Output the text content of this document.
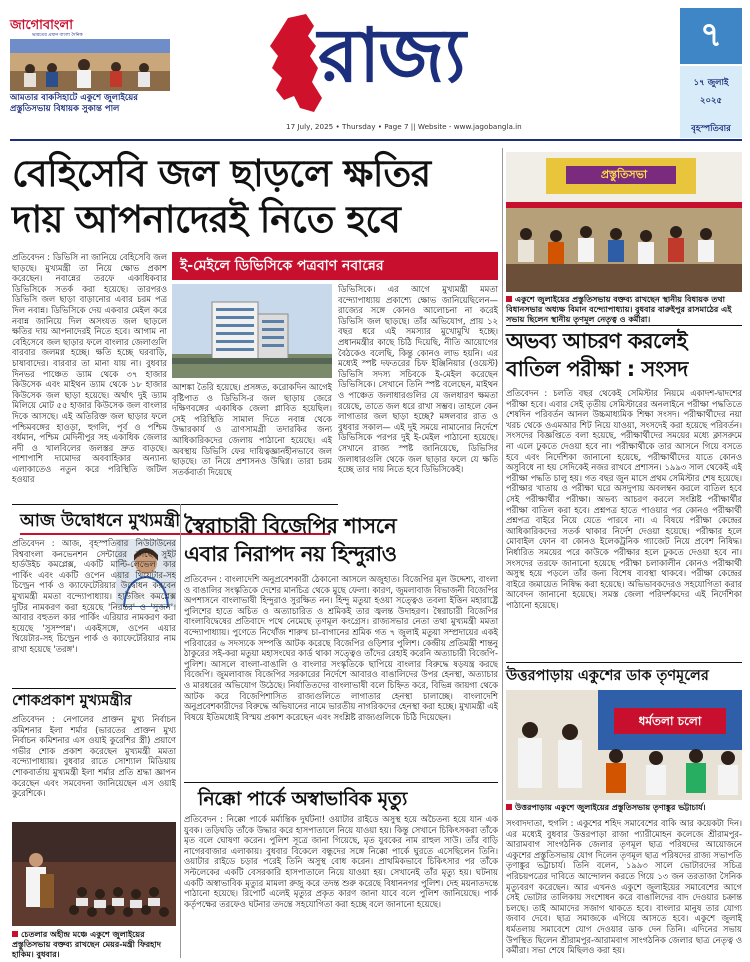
জাগোবাংলা
ভারতের প্রধান বাংলা দৈনিক
আমতার বাকসিহাটে একুশে জুলাইয়ের প্রস্তুতিসভায় বিধায়ক সুকান্ত পাল
রাজ্য
17 July, 2025 • Thursday • Page 7 || Website - www.jagobangla.in
৭
১৭ জুলাই
২০২৫
বৃহস্পতিবার
বেহিসেবি জল ছাড়লে ক্ষতির
দায় আপনাদেরই নিতে হবে
ই-মেইলে ডিভিসিকে পত্রবাণ নবান্নের
প্রতিবেদন : ডিভিসি না জানিয়ে বেহিসেবি জল ছাড়ছে। মুখ্যমন্ত্রী তা নিয়ে ক্ষোভ প্রকাশ করেছেন। নবান্নের তরফে একাধিকবার ডিভিসিকে সতর্ক করা হয়েছে। তারপরও ডিভিসি জল ছাড়া বাড়ানোর এবার চরম পত্র দিল নবান্ন। ডিভিসিকে দেয় একবার মেইল করে নবান্ন জানিয়ে দিল অসংযত জল ছাড়লে ক্ষতির দায় আপনাদেরই নিতে হবে। আগাম না বেহিসেবে জল ছাড়ার ফলে বাংলার জেলাগুলি বারবার জলমগ্ন হচ্ছে। ক্ষতি হচ্ছে ঘরবাড়ি, চাষাবাদের। বারবার তা মানা যায় না। বুধবার দিনভর পাঞ্চেত ড্যাম থেকে ৩৭ হাজার কিউসেক এবং মাইথন ড্যাম থেকে ১৮ হাজার কিউসেক জল ছাড়া হয়েছে। অর্থাৎ দুই ড্যাম মিলিয়ে মোট ৫৫ হাজার কিউসেক জল বাংলার দিকে আসছে। এই অতিরিক্ত জল ছাড়ার ফলে পশ্চিমবঙ্গের হাওড়া, হুগলি, পূর্ব ও পশ্চিম বর্ধমান, পশ্চিম মেদিনীপুর সহ একাধিক জেলার নদী ও খালবিলের জলস্তর দ্রুত বাড়ছে। পাশাপাশি দামোদর অববাহিকার অন্যান্য এলাকাতেও নতুন করে পরিস্থিতি জটিল হওয়ার
আশঙ্কা তৈরি হয়েছে। প্রসঙ্গত, করোকদিন আগেই বৃষ্টিপাত ও ডিভিসি-র জল ছাড়ায় জেরে দক্ষিণবঙ্গের একাধিক জেলা প্লাবিত হয়েছিল। সেই পরিস্থিতি সামাল দিতে নবান্ন থেকে উদ্ধারকার্য ও ত্রাণসামগ্রী তদারকির জন্য আধিকারিকদের জেলায় পাঠানো হয়েছে। এই অবস্থায় ডিভিসি ফের দায়িত্বজ্ঞানহীনভাবে জল ছাড়ছে। তা নিয়ে প্রশাসনও উদ্বিগ্ন। তারা চরম সতর্কবার্তা দিয়েছে
ডিভিসিকে। এর আগে মুখ্যমন্ত্রী মমতা বন্দ্যোপাধ্যায় প্রকাশ্যে ক্ষোভ জানিয়েছিলেন— রাজ্যের সঙ্গে কোনও আলোচনা না করেই ডিভিসি জল ছাড়ছে। তাঁর অভিযোগ, প্রায় ১২ বছর ধরে এই সমস্যার মুখোমুখি হচ্ছে। প্রধানমন্ত্রীর কাছে চিঠি দিয়েছি, নীতি আয়োগের বৈঠকেও বলেছি, কিন্তু কোনও লাভ হয়নি। এর মধ্যেই স্পষ্ট দফতরের চিফ ইঞ্জিনিয়ার (ওয়েস্ট) ডিভিসি সদস্য সচিবকে ই-মেইল করেছেন ডিভিসিকে। সেখানে তিনি স্পষ্ট বলেছেন, মাইথন ও পাঞ্চেত জলাধারগুলির যে জলধারণ ক্ষমতা রয়েছে, তাতে জল ধরে রাখা সম্ভব। তাহলে কেন লাগাতার জল ছাড়া হচ্ছে? মঙ্গলবার রাত ও বুধবার সকাল— এই দুই সময়ে নামানোর নির্দেশে ডিভিসিকে পরপর দুই ই-মেইল পাঠানো হয়েছে। সেখানে রাজ্য স্পষ্ট জানিয়েছে, ডিভিসির জলাধারগুলি থেকে জল ছাড়ার ফলে যে ক্ষতি হচ্ছে তার দায় নিতে হবে ডিভিসিকেই।
প্রস্তুতিসভা
একুশে জুলাইয়ের প্রস্তুতিসভায় বক্তব্য রাখছেন স্থানীয় বিধায়ক তথা বিধানসভার অধ্যক্ষ বিমান বন্দ্যোপাধ্যায়। বুধবার বারুইপুর রাসমাঠের এই সভায় ছিলেন স্থানীয় তৃণমূল নেতৃত্ব ও কর্মীরা।
অভব্য আচরণ করলেই
বাতিল পরীক্ষা : সংসদ
প্রতিবেদন : চলতি বছর থেকেই সেমিস্টার নিয়মে একাদশ-দ্বাদশের পরীক্ষা হবে। এবার সেই তৃতীয় সেমিস্টারের অনলাইনে পরীক্ষা পদ্ধতিতে শেষদিন পরিবর্তন আনল উচ্চমাধ্যমিক শিক্ষা সংসদ। পরীক্ষার্থীদের নয়া খরচ থেকে ওএমআর শিট নিয়ে যাওয়া, সংসদেই করা হয়েছে পরিবর্তন। সংসদের বিজ্ঞপ্তিতে বলা হয়েছে, পরীক্ষার্থীদের সময়ের মধ্যে ক্লাসরুমে না এলে ঢুকতে দেওয়া হবে না। পরীক্ষার্থীকে তার আসনে গিয়ে বসতে হবে এবং নির্দেশিকা জানানো হয়েছে, পরীক্ষার্থীদের যাতে কোনও অসুবিধে না হয় সেদিকেই নজর রাখবে প্রশাসন। ১৯৯৩ সাল থেকেই এই পরীক্ষা পদ্ধতি চালু হয়। গত বছর জুন মাসে প্রথম সেমিস্টার শেষ হয়েছে। পরীক্ষার খাতায় ও পরীক্ষা ঘরে অসদুপায় অবলম্বন করলে বাতিল হবে সেই পরীক্ষার্থীর পরীক্ষা। অভব্য আচরণ করলে সংশ্লিষ্ট পরীক্ষার্থীর পরীক্ষা বাতিল করা হবে। প্রশ্নপত্র হাতে পাওয়ার পর কোনও পরীক্ষার্থী প্রশ্নপত্র বাইরে নিয়ে যেতে পারবে না। এ বিষয়ে পরীক্ষা কেন্দ্রের আধিকারিকদের সতর্ক থাকার নির্দেশ দেওয়া হয়েছে। পরীক্ষার হলে মোবাইল ফোন বা কোনও ইলেকট্রনিক গ্যাজেট নিয়ে প্রবেশ নিষিদ্ধ। নির্ধারিত সময়ের পরে কাউকে পরীক্ষার হলে ঢুকতে দেওয়া হবে না। সংসদের তরফে জানানো হয়েছে পরীক্ষা চলাকালীন কোনও পরীক্ষার্থী অসুস্থ হয়ে পড়লে তাঁর জন্য বিশেষ ব্যবস্থা থাকবে। পরীক্ষা কেন্দ্রের বাইরে জমায়েত নিষিদ্ধ করা হয়েছে। অভিভাবকদেরও সহযোগিতা করার আবেদন জানানো হয়েছে। সমস্ত জেলা পরিদর্শকদের এই নির্দেশিকা পাঠানো হয়েছে।
আজ উদ্বোধনে মুখ্যমন্ত্রী
প্রতিবেদন : আজ, বৃহস্পতিবার নিউটাউনের বিশ্ববাংলা কনভেনশন সেন্টারের কাছে সুইট হার্ডউইচ কমপ্লেক্স, একটি মাল্টি-লেভেল কার পার্কিং এবং একটি ওপেন এয়ার থিয়েটার-সহ চিল্ড্রেন পার্ক ও ক্যাফেটেরিয়ার উদ্বোধন করবেন মুখ্যমন্ত্রী মমতা বন্দ্যোপাধ্যায়। হাউজিং কমপ্লেক্স দুটির নামকরণ করা হয়েছে 'নিরন্তর' ও 'সুজন'। আবার বহুতল কার পার্কিং এরিয়ার নামকরণ করা হয়েছে 'সুসম্পন্ন'। একইসঙ্গে, ওপেন এয়ার থিয়েটার-সহ চিল্ড্রেন পার্ক ও ক্যাফেটেরিয়ার নাম রাখা হয়েছে 'তরঙ্গ'।
শোকপ্রকাশ মুখ্যমন্ত্রীর
প্রতিবেদন : নেপালের প্রাক্তন মুখ্য নির্বাচন কমিশনার ইলা শর্মার (ভারতের প্রাক্তন মুখ্য নির্বাচন কমিশনার এস ওয়াই কুরেশির স্ত্রী) প্রয়াণে গভীর শোক প্রকাশ করেছেন মুখ্যমন্ত্রী মমতা বন্দ্যোপাধ্যায়। বুধবার রাতে সোশ্যাল মিডিয়ায় শোকবার্তায় মুখ্যমন্ত্রী ইলা শর্মার প্রতি শ্রদ্ধা জ্ঞাপন করেছেন এবং সমবেদনা জানিয়েছেন এস ওয়াই কুরেশিকে।
স্বৈরাচারী বিজেপির শাসনে
এবার নিরাপদ নয় হিন্দুরাও
প্রতিবেদন : বাংলাদেশি অনুপ্রবেশকারী ঠেকানো আসলে অজুহাত। বিজেপির মূল উদ্দেশ্য, বাংলা ও বাঙালির সংস্কৃতিকে দেশের মানচিত্র থেকে মুছে ফেলা। কারণ, জুমলাবাজ বিভাজনী বিজেপির অপশাসনে বাংলাভাষী হিন্দুরাও সুরক্ষিত নন। হিন্দু মতুয়া হওয়া সত্ত্বেও তবলা ইত্তিন মহারাষ্ট্রে পুলিশের হাতে অচিত ও অত্যাচারিত ও শ্রমিকই তার জ্বলন্ত উদাহরণ। স্বৈরাচারী বিজেপির বাংলাবিদ্বেষের প্রতিবাদে পথে নেমেছে তৃণমূল কংগ্রেস। রাজ্যসভার নেতা তথা মুখ্যমন্ত্রী মমতা বন্দ্যোপাধ্যায়। পুণেতে নিখোঁজ শারুখ চা-বাগানের শ্রমিক গত ৭ জুলাই মতুয়া সম্প্রদায়ের একই পরিবারের ৬ সদস্যকে সম্পত্তি আটক করেছে বিজেপির ওড়িশার পুলিশ। কেন্দ্রীয় প্রতিমন্ত্রী শান্তনু ঠাকুরের সই-করা মতুয়া মহাসংঘের কার্ড থাকা সত্ত্বেও তাঁদের রেহাই করেনি অত্যাচারী বিজেপি-পুলিশ। আসলে বাংলা-বাঙালি ও বাংলার সংস্কৃতিকে ছাপিয়ে বাংলার বিরুদ্ধে ষড়যন্ত্র করছে বিজেপি। জুমলাবাজ বিজেপির সরকারের নির্দেশে আবারও বাঙালিদের উপর হেনস্থা, অত্যাচার ও মারধরের অভিযোগ উঠেছে। নির্যাতিতদের বাংলাভাষী বলে চিহ্নিত করে, বিভিন্ন জায়গা থেকে আটক করে বিজেপিশাসিত রাজ্যগুলিতে লাগাতার হেনস্থা চালাচ্ছে। বাংলাদেশি অনুপ্রবেশকারীদের বিরুদ্ধে অভিযানের নামে ভারতীয় নাগরিকদের হেনস্থা করা হচ্ছে। মুখ্যমন্ত্রী এই বিষয়ে ইতিমধ্যেই বিস্ময় প্রকাশ করেছেন এবং সংশ্লিষ্ট রাজ্যগুলিকে চিঠি দিয়েছেন।
নিক্কো পার্কে অস্বাভাবিক মৃত্যু
প্রতিবেদন : নিক্কো পার্কে মর্মান্তিক দুর্ঘটনা! ওয়াটার রাইডে অসুস্থ হয়ে অচৈতন্য হয়ে যান এক যুবক। তড়িঘড়ি তাঁকে উদ্ধার করে হাসপাতালে নিয়ে যাওয়া হয়। কিন্তু সেখানে চিকিৎসকরা তাঁকে মৃত বলে ঘোষণা করেন। পুলিশ সূত্রে জানা গিয়েছে, মৃত যুবকের নাম রাহুল সাউ। তাঁর বাড়ি নাগেরবাজার এলাকায়। বুধবার বিকেলে বন্ধুদের সঙ্গে নিক্কো পার্কে ঘুরতে এসেছিলেন তিনি। ওয়াটার রাইডে চড়ার পরেই তিনি অসুস্থ বোধ করেন। প্রাথমিকভাবে চিকিৎসার পর তাঁকে সল্টলেকের একটি বেসরকারি হাসপাতালে নিয়ে যাওয়া হয়। সেখানেই তাঁর মৃত্যু হয়। ঘটনায় একটি অস্বাভাবিক মৃত্যুর মামলা রুজু করে তদন্ত শুরু করেছে বিধাননগর পুলিশ। দেহ ময়নাতদন্তে পাঠানো হয়েছে। রিপোর্ট এলেই মৃত্যুর প্রকৃত কারণ জানা যাবে বলে পুলিশ জানিয়েছে। পার্ক কর্তৃপক্ষের তরফেও ঘটনার তদন্তে সহযোগিতা করা হচ্ছে বলে জানানো হয়েছে।
চেতলার অহীন্দ্র মঞ্চে একুশে জুলাইয়ের প্রস্তুতিসভায় বক্তব্য রাখছেন মেয়র-মন্ত্রী ফিরহাদ হাকিম। বুধবার।
উত্তরপাড়ায় একুশের ডাক তৃণমূলের
ধর্মতলা চলো
উত্তরপাড়ায় একুশে জুলাইয়ের প্রস্তুতিসভায় তৃণাঙ্কুর ভট্টাচার্য।
সংবাদদাতা, হুগলি : একুশের শহিদ সমাবেশের বাকি আর কয়েকটা দিন। এর মধ্যেই বুধবার উত্তরপাড়া রাজা প্যারীমোহন কলেজে শ্রীরামপুর-আরামবাগ সাংগঠনিক জেলার তৃণমূল ছাত্র পরিষদের আয়োজনে একুশের প্রস্তুতিসভায় যোগ দিলেন তৃণমূল ছাত্র পরিষদের রাজ্য সভাপতি তৃণাঙ্কুর ভট্টাচার্য। তিনি বলেন, ১৯৯৩ সালে ভোটারদের সচিত্র পরিচয়পত্রের দাবিতে আন্দোলন করতে গিয়ে ১৩ জন তরতাজা সৈনিক মৃত্যুবরণ করেছেন। আর এখনও একুশে জুলাইয়ের সমাবেশের আগে সেই ভোটার তালিকায় সংশোধন করে বাঙালিদের বাদ দেওয়ার চক্রান্ত চলছে। তাই আমাদের সজাগ থাকতে হবে। বাংলার মানুষ তার যোগ্য জবাব দেবে। ছাত্র সমাজকে এগিয়ে আসতে হবে। একুশে জুলাই ধর্মতলায় সমাবেশে যোগ দেওয়ার ডাক দেন তিনি। এদিনের সভায় উপস্থিত ছিলেন শ্রীরামপুর-আরামবাগ সাংগঠনিক জেলার ছাত্র নেতৃত্ব ও কর্মীরা। সভা শেষে মিছিলও করা হয়।
